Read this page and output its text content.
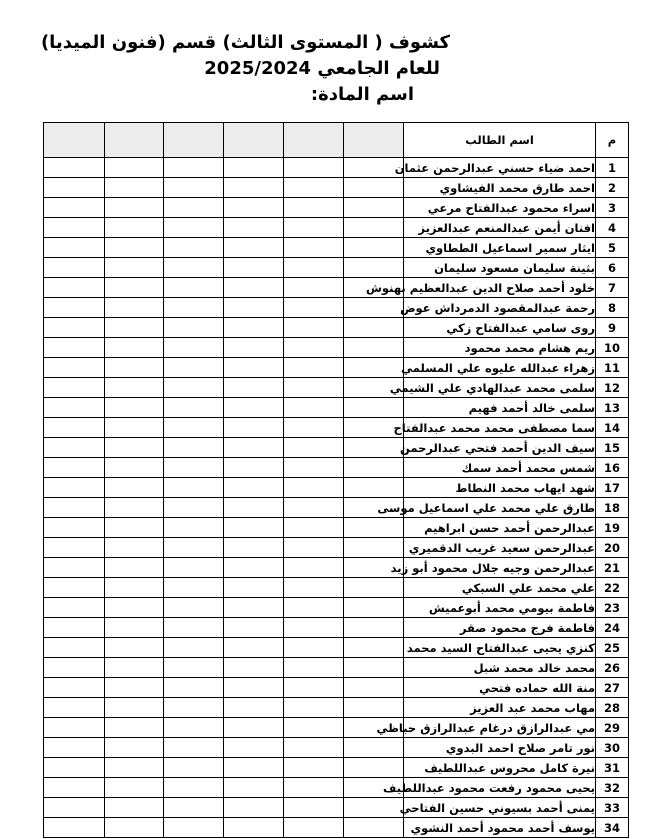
كشوف ( المستوى الثالث) قسم (فنون الميديا)
للعام الجامعي 2025/2024
اسم المادة:
						اسم الطالب	م
						احمد ضياء حسني عبدالرحمن عثمان	1
						احمد طارق محمد الفيشاوي	2
						اسراء محمود عبدالفتاح مرعي	3
						افنان أيمن عبدالمنعم عبدالعزيز	4
						ايثار سمير اسماعيل الططاوي	5
						بثينة سليمان مسعود سليمان	6
						خلود أحمد صلاح الدين عبدالعظيم نهنوش	7
						رحمة عبدالمقصود الدمرداش عوض	8
						روى سامي عبدالفتاح زكي	9
						ريم هشام محمد محمود	10
						زهراء عبدالله عليوه علي المسلمي	11
						سلمى محمد عبدالهادي علي الشيمي	12
						سلمى خالد أحمد فهيم	13
						سما مصطفى محمد محمد عبدالفتاح	14
						سيف الدين أحمد فتحي عبدالرحمن	15
						شمس محمد أحمد سمك	16
						شهد ايهاب محمد النطاط	17
						طارق علي محمد علي اسماعيل موسى	18
						عبدالرحمن أحمد حسن ابراهيم	19
						عبدالرحمن سعيد غريب الدقميري	20
						عبدالرحمن وجيه جلال محمود أبو زيد	21
						علي محمد علي السبكي	22
						فاطمة بيومي محمد أبوعميش	23
						فاطمة فرج محمود صقر	24
						كنزي يحيى عبدالفتاح السيد محمد	25
						محمد خالد محمد شبل	26
						منة الله حماده فتحي	27
						مهاب محمد عبد العزيز	28
						مي عبدالرازق درغام عبدالرازق حباظي	29
						نور تامر صلاح احمد البدوي	30
						نيرة كامل محروس عبداللطيف	31
						يحيى محمود رفعت محمود عبداللطيف	32
						يمنى أحمد بسيوني حسين الفتاحي	33
						يوسف أحمد محمود أحمد النشوي	34
